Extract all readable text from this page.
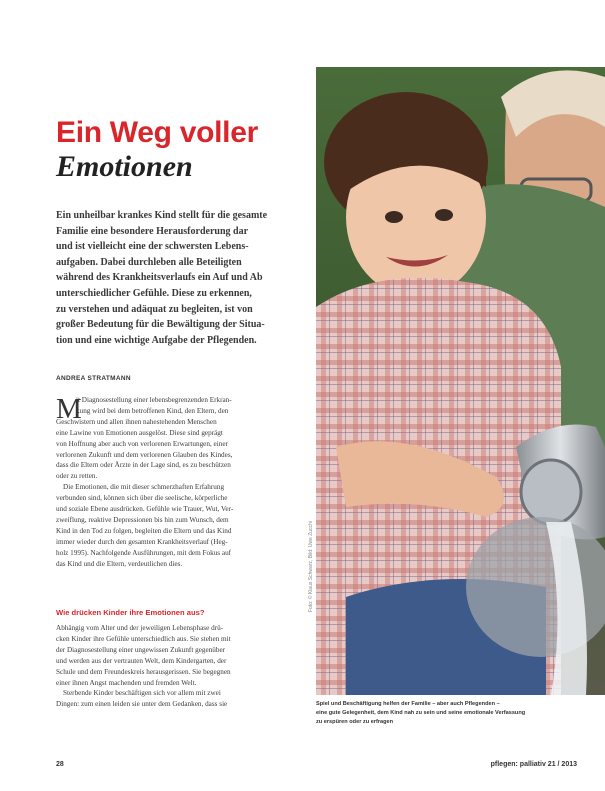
Ein Weg voller
Emotionen
Ein unheilbar krankes Kind stellt für die gesamte
Familie eine besondere Herausforderung dar
und ist vielleicht eine der schwersten Lebens-
aufgaben. Dabei durchleben alle Beteiligten
während des Krankheitsverlaufs ein Auf und Ab
unterschiedlicher Gefühle. Diese zu erkennen,
zu verstehen und adäquat zu begleiten, ist von
großer Bedeutung für die Bewältigung der Situa-
tion und eine wichtige Aufgabe der Pflegenden.
ANDREA STRATMANN
M
it Diagnosestellung einer lebensbegrenzenden Erkran-
kung wird bei dem betroffenen Kind, den Eltern, den
Geschwistern und allen ihnen nahestehenden Menschen
eine Lawine von Emotionen ausgelöst. Diese sind geprägt
von Hoffnung aber auch von verlorenen Erwartungen, einer
verlorenen Zukunft und dem verlorenen Glauben des Kindes,
dass die Eltern oder Ärzte in der Lage sind, es zu beschützen
oder zu retten.
Die Emotionen, die mit dieser schmerzhaften Erfahrung
verbunden sind, können sich über die seelische, körperliche
und soziale Ebene ausdrücken. Gefühle wie Trauer, Wut, Ver-
zweiflung, reaktive Depressionen bis hin zum Wunsch, dem
Kind in den Tod zu folgen, begleiten die Eltern und das Kind
immer wieder durch den gesamten Krankheitsverlauf (Heg-
holz 1995). Nachfolgende Ausführungen, mit dem Fokus auf
das Kind und die Eltern, verdeutlichen dies.
Wie drücken Kinder ihre Emotionen aus?
Abhängig vom Alter und der jeweiligen Lebensphase drü-
cken Kinder ihre Gefühle unterschiedlich aus. Sie stehen mit
der Diagnosestellung einer ungewissen Zukunft gegenüber
und werden aus der vertrauten Welt, dem Kindergarten, der
Schule und dem Freundeskreis herausgerissen. Sie begegnen
einer ihnen Angst machenden und fremden Welt.
Sterbende Kinder beschäftigen sich vor allem mit zwei
Dingen: zum einen leiden sie unter dem Gedanken, dass sie
Foto: © Klaus Schwarz, Bild: Uwe Zucchi
Spiel und Beschäftigung helfen der Familie – aber auch Pflegenden –
eine gute Gelegenheit, dem Kind nah zu sein und seine emotionale Verfassung
zu erspüren oder zu erfragen
28	pflegen: palliativ 21 / 2013
